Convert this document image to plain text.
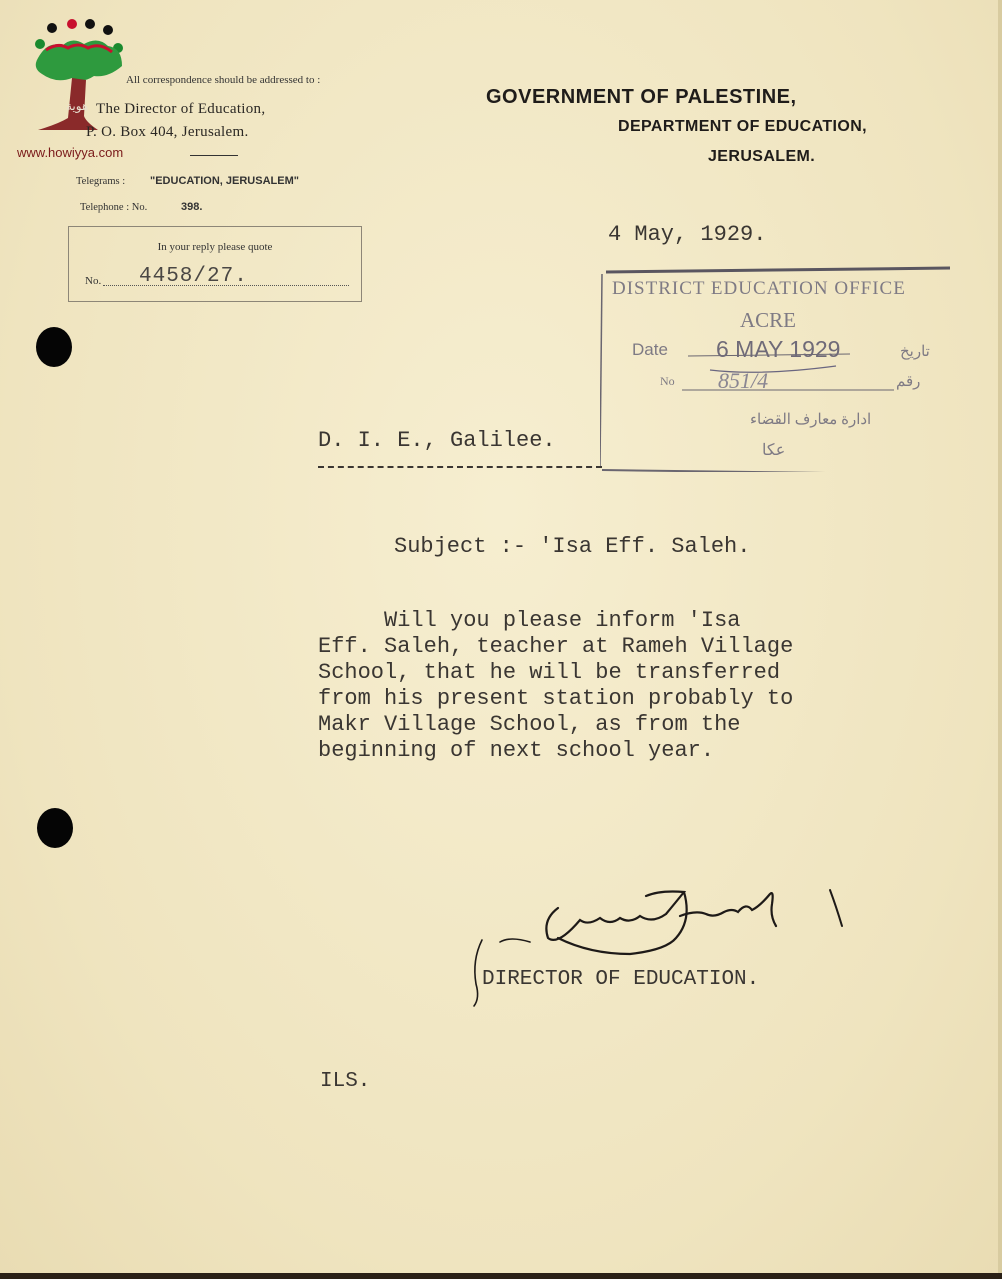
هوية
www.howiyya.com
All correspondence should be addressed to :
The Director of Education,
P. O. Box 404, Jerusalem.
Telegrams : "EDUCATION, JERUSALEM"
Telephone : No.	398.
In your reply please quote
No. 4458/27.
GOVERNMENT OF PALESTINE,
DEPARTMENT OF EDUCATION,
JERUSALEM.
4 May, 1929.
DISTRICT EDUCATION OFFICE
ACRE
Date 6 MAY 1929	تاريخ
No 851/4	رقم
ادارة معارف القضاء
عكا
D. I. E., Galilee.
Subject :- 'Isa Eff. Saleh.
Will you please inform 'Isa
Eff. Saleh, teacher at Rameh Village
School, that he will be transferred
from his present station probably to
Makr Village School, as from the
beginning of next school year.
DIRECTOR OF EDUCATION.
ILS.
